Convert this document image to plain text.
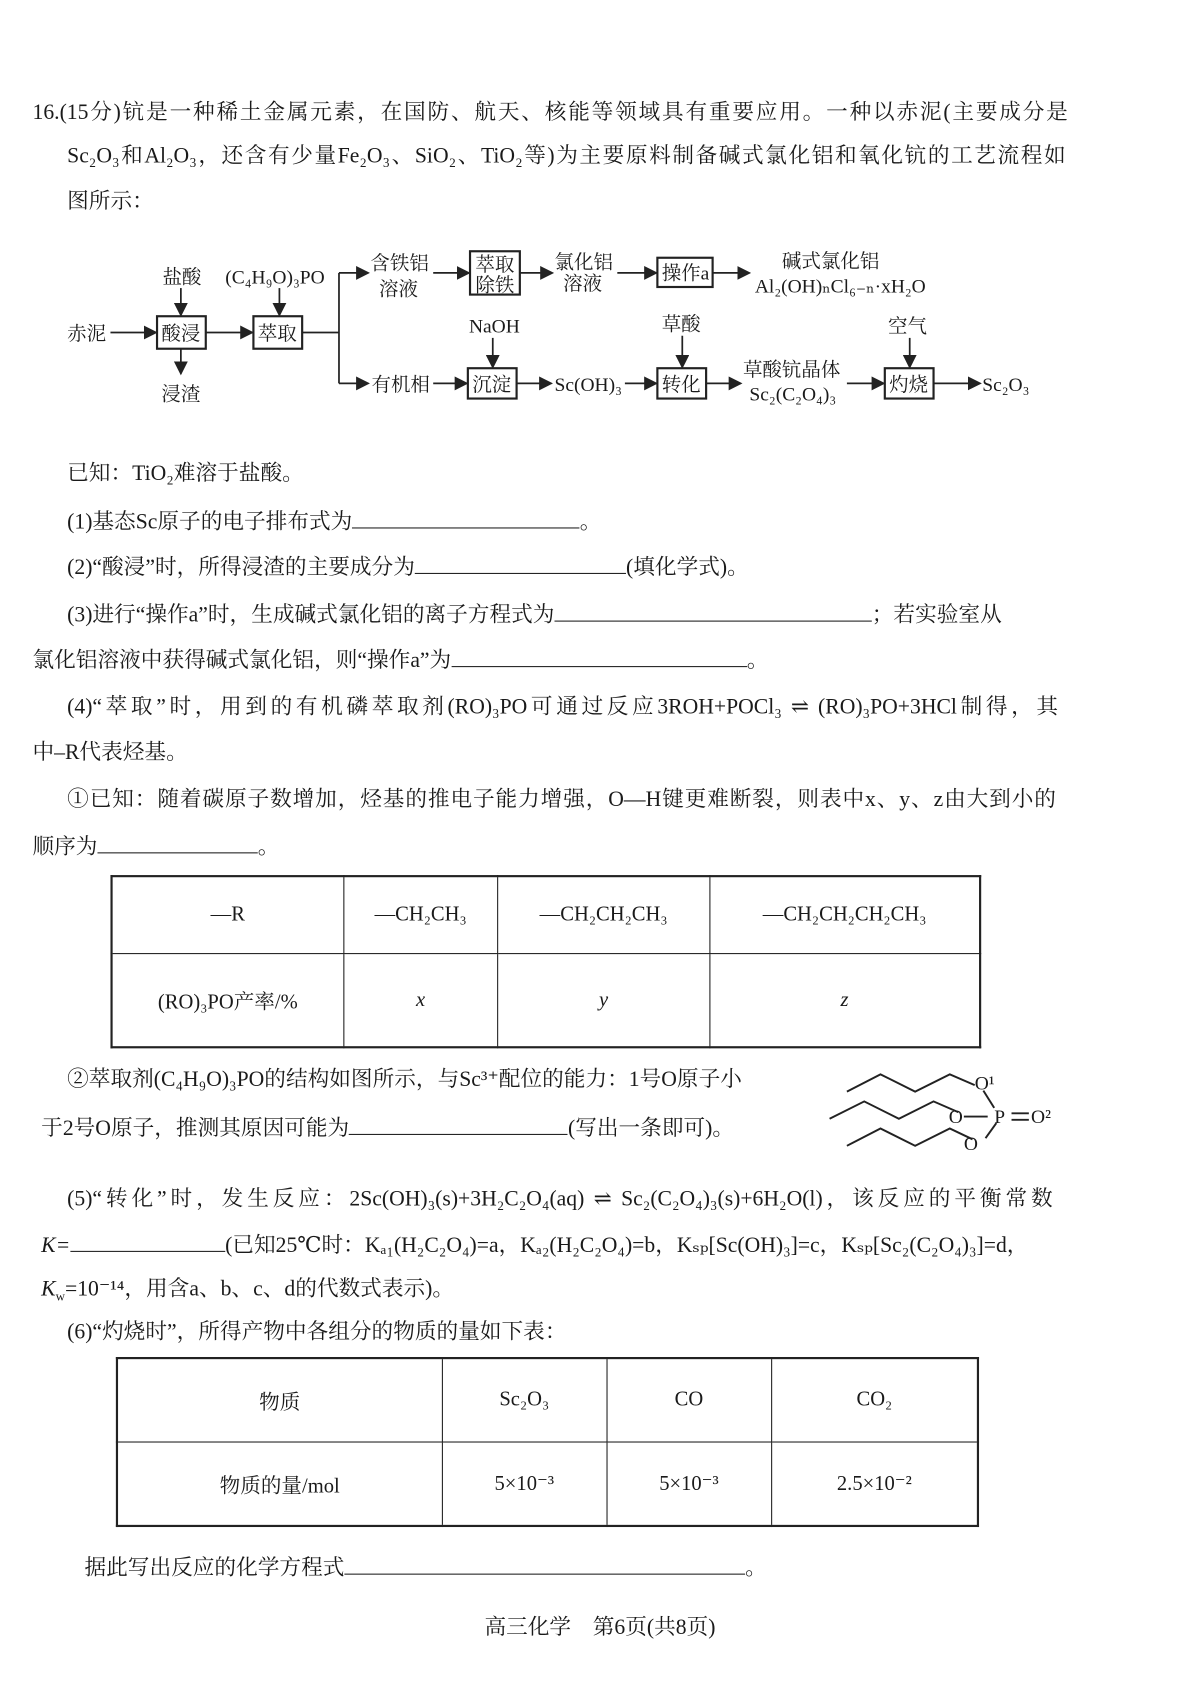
16.(15分)钪是一种稀土金属元素，在国防、航天、核能等领域具有重要应用。一种以赤泥(主要成分是
Sc₂O₃和Al₂O₃，还含有少量Fe₂O₃、SiO₂、TiO₂等)为主要原料制备碱式氯化铝和氧化钪的工艺流程如
图所示：
赤泥
盐酸
酸浸
浸渣
(C₄H₉O)₃PO
萃取
含铁铝
溶液
萃取
除铁
氯化铝
溶液
操作a
碱式氯化铝
Al₂(OH)ₙCl₆₋ₙ·xH₂O
有机相
NaOH
沉淀 Sc(OH)₃
草酸
转化
草酸钪晶体
Sc₂(C₂O₄)₃
空气
灼烧	Sc₂O₃
已知：TiO₂难溶于盐酸。
(1)基态Sc原子的电子排布式为	。
(2)“酸浸”时，所得浸渣的主要成分为	(填化学式)。
(3)进行“操作a”时，生成碱式氯化铝的离子方程式为	；若实验室从
氯化铝溶液中获得碱式氯化铝，则“操作a”为	。
(4)“萃取”时，用到的有机磷萃取剂(RO)₃PO可通过反应3ROH+POCl₃ ⇌ (RO)₃PO+3HCl制得，其
中–R代表烃基。
①已知：随着碳原子数增加，烃基的推电子能力增强，O—H键更难断裂，则表中x、y、z由大到小的
顺序为	。
—R	—CH₂CH₃	—CH₂CH₂CH₃	—CH₂CH₂CH₂CH₃
(RO)₃PO产率/%	x	y	z
②萃取剂(C₄H₉O)₃PO的结构如图所示，与Sc³⁺配位的能力：1号O原子小
于2号O原子，推测其原因可能为	(写出一条即可)。
O¹
O P O²
O
(5)“转化”时，发生反应：2Sc(OH)₃(s)+3H₂C₂O₄(aq) ⇌ Sc₂(C₂O₄)₃(s)+6H₂O(l)，该反应的平衡常数
K=	(已知25℃时：Kₐ₁(H₂C₂O₄)=a，Kₐ₂(H₂C₂O₄)=b，Kₛₚ[Sc(OH)₃]=c，Kₛₚ[Sc₂(C₂O₄)₃]=d，
$K_w=10^{-14}$，用含a、b、c、d的代数式表示)。
(6)“灼烧时”，所得产物中各组分的物质的量如下表：
物质	Sc₂O₃	CO	CO₂
物质的量/mol	5×10⁻³	5×10⁻³	2.5×10⁻²
据此写出反应的化学方程式	。
高三化学　第6页(共8页)
